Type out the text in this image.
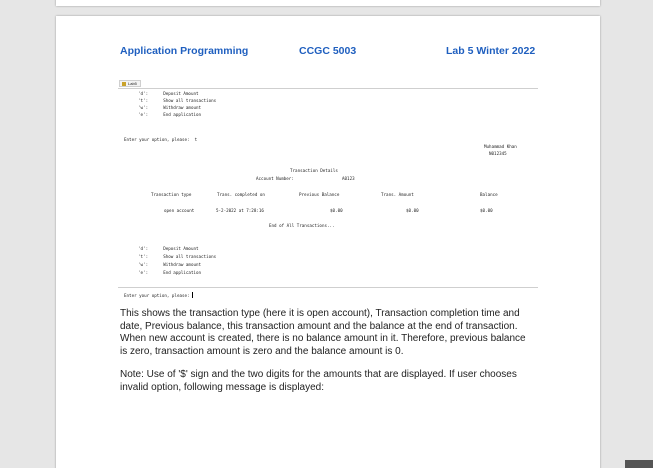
Application Programming	CCGC 5003	Lab 5 Winter 2022
Lab5
'd':      Deposit Amount
't':      Show all transactions
'w':      Withdraw amount
'e':      End application
Enter your option, please:  t
Muhammad Khan
N012345
Transaction Details
Account Number:	A0123
Transaction type	Trans. completed on	Previous Balance	Trans. Amount	Balance
open account	5-2-2022 at 7:28:16	$0.00	$0.00	$0.00
End of All Transactions...
'd':      Deposit Amount
't':      Show all transactions
'w':      Withdraw amount
'e':      End application
Enter your option, please:

This shows the transaction type (here it is open account), Transaction completion time and date, Previous balance, this transaction amount and the balance at the end of transaction. When new account is created, there is no balance amount in it. Therefore, previous balance is zero, transaction amount is zero and the balance amount is 0.

Note: Use of '$' sign and the two digits for the amounts that are displayed. If user chooses invalid option, following message is displayed:
